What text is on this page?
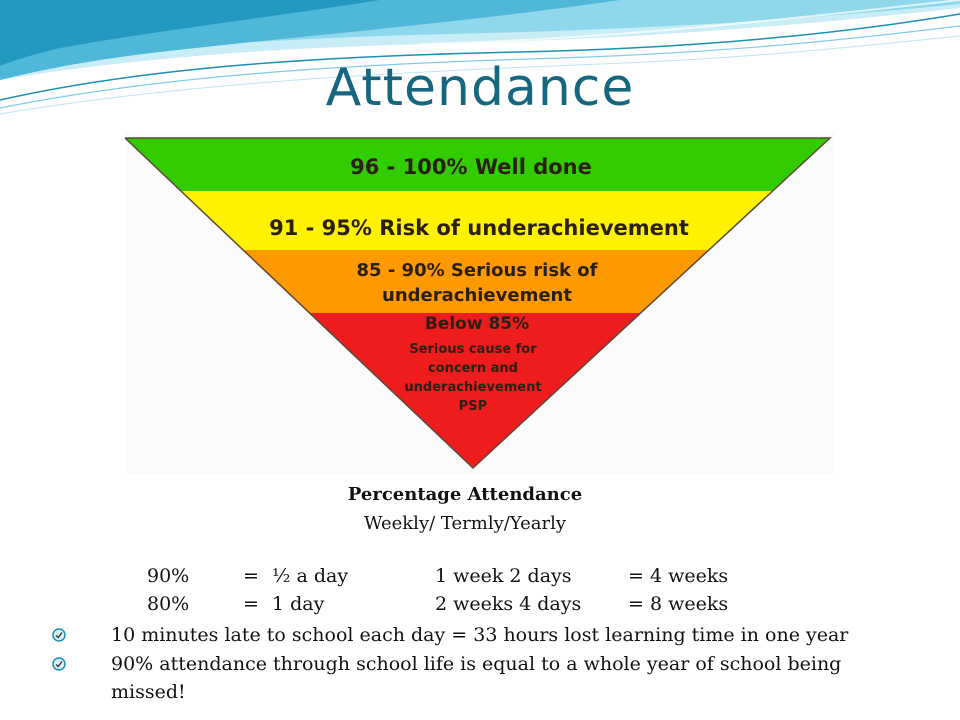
Attendance
96 - 100% Well done
91 - 95% Risk of underachievement
85 - 90% Serious risk of
underachievement
Below 85%
Serious cause for
concern and
underachievement
PSP
Percentage Attendance
Weekly/ Termly/Yearly
90%	= ½ a day	1 week 2 days	= 4 weeks
80%	= 1 day	2 weeks 4 days = 8 weeks
10 minutes late to school each day = 33 hours lost learning time in one year
90% attendance through school life is equal to a whole year of school being missed!
